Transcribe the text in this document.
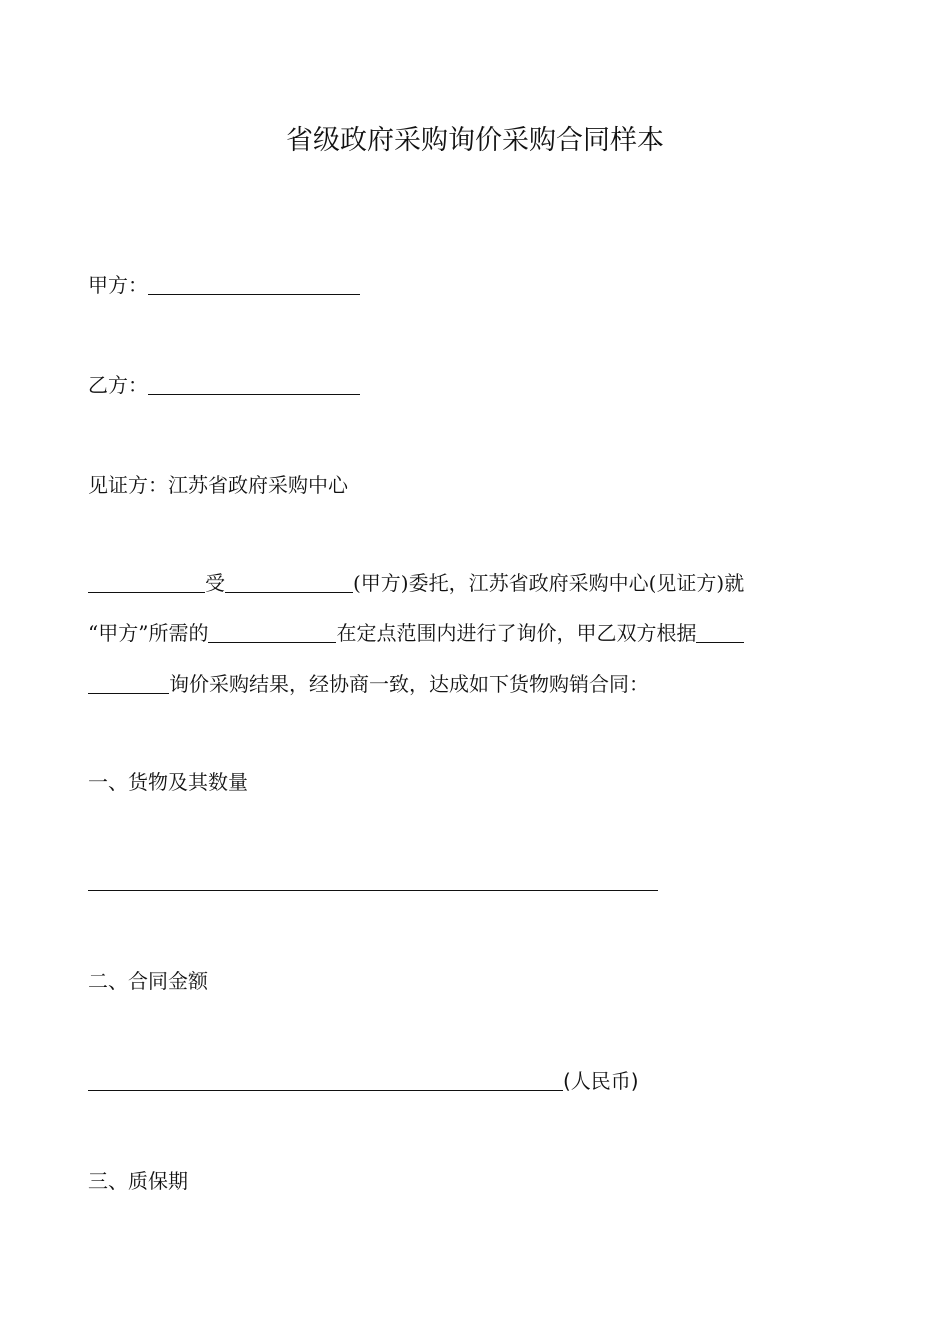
省级政府采购询价采购合同样本
甲方：
乙方：
见证方：江苏省政府采购中心
受	(甲方)委托，江苏省政府采购中心(见证方)就
“甲方”所需的	在定点范围内进行了询价，甲乙双方根据
询价采购结果，经协商一致，达成如下货物购销合同：
一、货物及其数量
二、合同金额
(人民币)
三、质保期
